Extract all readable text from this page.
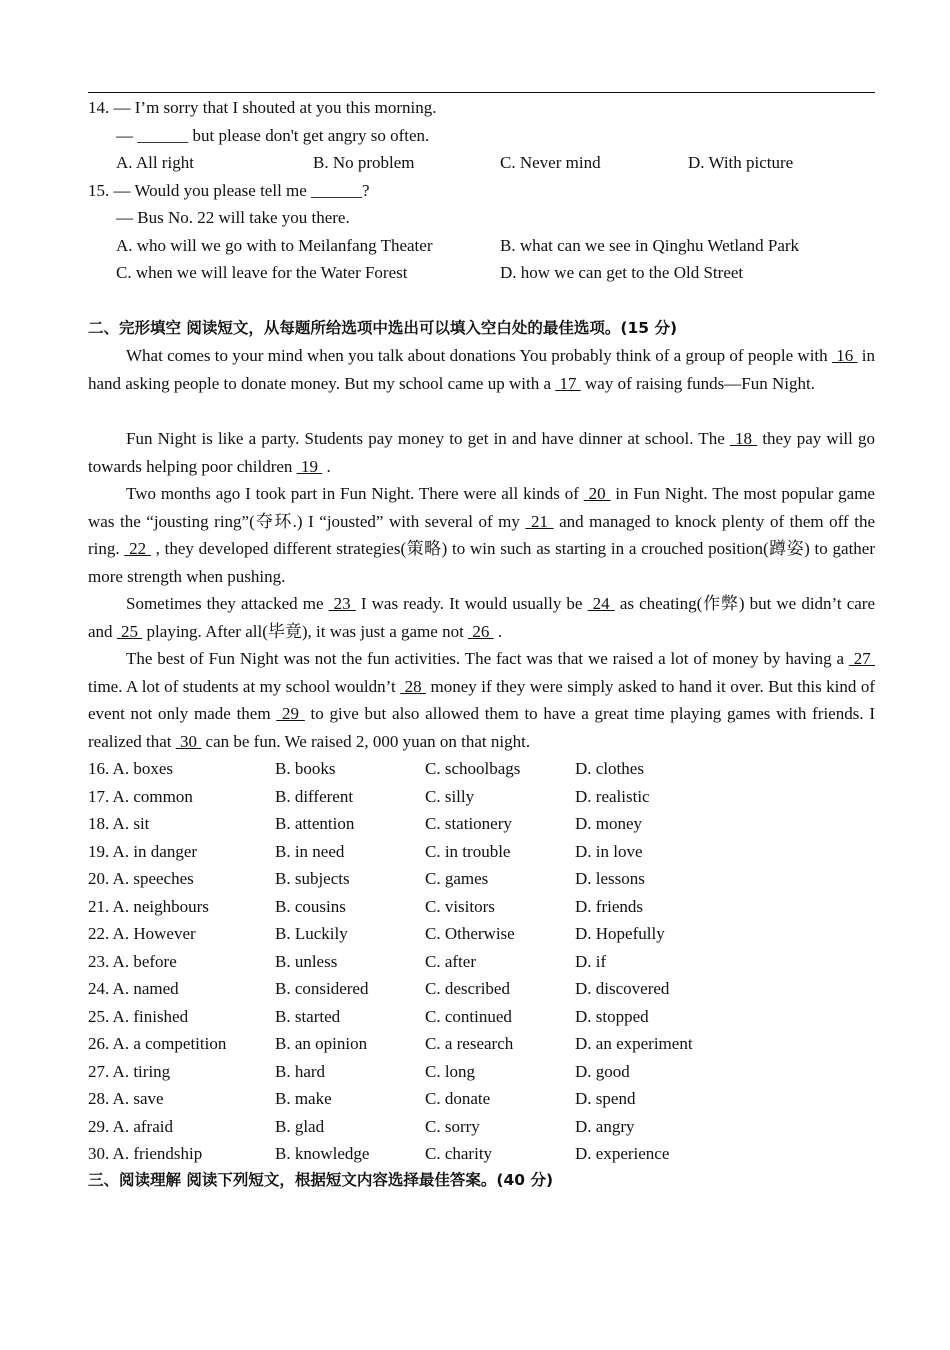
14. — I’m sorry that I shouted at you this morning.
— ______ but please don't get angry so often.
A. All right	B. No problem	C. Never mind	D. With picture
15. — Would you please tell me ______?
— Bus No. 22 will take you there.
A. who will we go with to Meilanfang Theater	B. what can we see in Qinghu Wetland Park
C. when we will leave for the Water Forest	D. how we can get to the Old Street
二、完形填空 阅读短文，从每题所给选项中选出可以填入空白处的最佳选项。(15 分)
What comes to your mind when you talk about donations You probably think of a group of people with  16  in hand asking people to donate money. But my school came up with a  17  way of raising funds—Fun Night.
Fun Night is like a party. Students pay money to get in and have dinner at school. The  18  they pay will go towards helping poor children  19  .
Two months ago I took part in Fun Night. There were all kinds of  20  in Fun Night. The most popular game was the “jousting ring”(夺环.) I “jousted” with several of my  21  and managed to knock plenty of them off the ring.  22  , they developed different strategies(策略) to win such as starting in a crouched position(蹲姿) to gather more strength when pushing.
Sometimes they attacked me  23  I was ready. It would usually be  24  as cheating(作弊) but we didn’t care and  25  playing. After all(毕竟), it was just a game not  26  .
The best of Fun Night was not the fun activities. The fact was that we raised a lot of money by having a  27  time. A lot of students at my school wouldn’t  28  money if they were simply asked to hand it over. But this kind of event not only made them  29  to give but also allowed them to have a great time playing games with friends. I realized that  30  can be fun. We raised 2, 000 yuan on that night.
16. A. boxes	B. books	C. schoolbags	D. clothes
17. A. common	B. different	C. silly	D. realistic
18. A. sit	B. attention	C. stationery	D. money
19. A. in danger	B. in need	C. in trouble	D. in love
20. A. speeches	B. subjects	C. games	D. lessons
21. A. neighbours	B. cousins	C. visitors	D. friends
22. A. However	B. Luckily	C. Otherwise	D. Hopefully
23. A. before	B. unless	C. after	D. if
24. A. named	B. considered	C. described	D. discovered
25. A. finished	B. started	C. continued	D. stopped
26. A. a competition	B. an opinion	C. a research	D. an experiment
27. A. tiring	B. hard	C. long	D. good
28. A. save	B. make	C. donate	D. spend
29. A. afraid	B. glad	C. sorry	D. angry
30. A. friendship	B. knowledge	C. charity	D. experience
三、阅读理解 阅读下列短文，根据短文内容选择最佳答案。(40 分)
